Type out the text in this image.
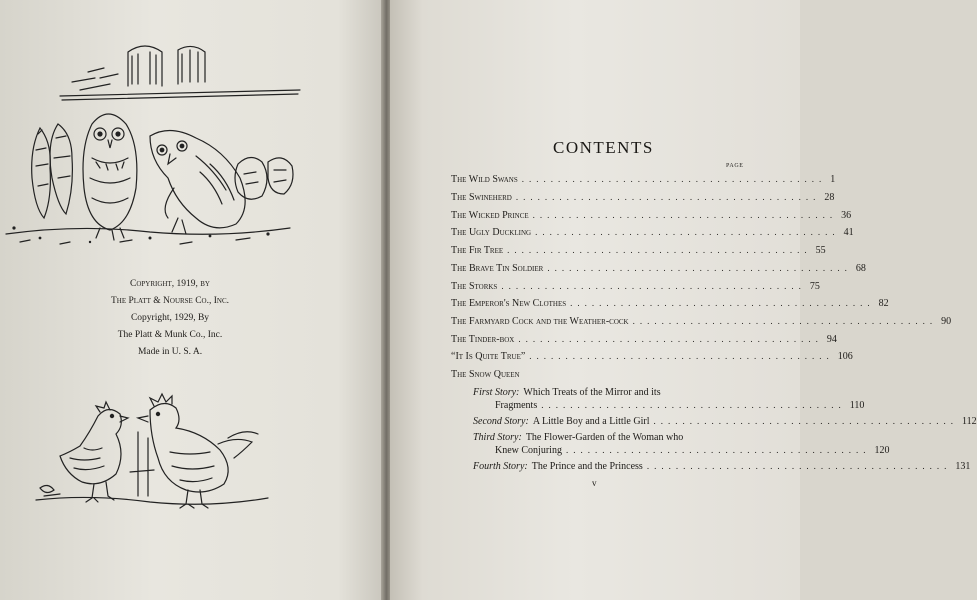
Copyright, 1919, by
The Platt & Nourse Co., Inc.
Copyright, 1929, By
The Platt & Munk Co., Inc.
Made in U. S. A.
CONTENTS
PAGE
The Wild Swans .......................................... 1
The Swineherd .......................................... 28
The Wicked Prince .......................................... 36
The Ugly Duckling .......................................... 41
The Fir Tree .......................................... 55
The Brave Tin Soldier .......................................... 68
The Storks .......................................... 75
The Emperor's New Clothes .......................................... 82
The Farmyard Cock and the Weather-cock .......................................... 90
The Tinder-box .......................................... 94
“It Is Quite True” .......................................... 106
The Snow Queen
First Story: Which Treats of the Mirror and its
Fragments .......................................... 110
Second Story: A Little Boy and a Little Girl .......................................... 112
Third Story: The Flower-Garden of the Woman who
Knew Conjuring .......................................... 120
Fourth Story: The Prince and the Princess .......................................... 131
v
